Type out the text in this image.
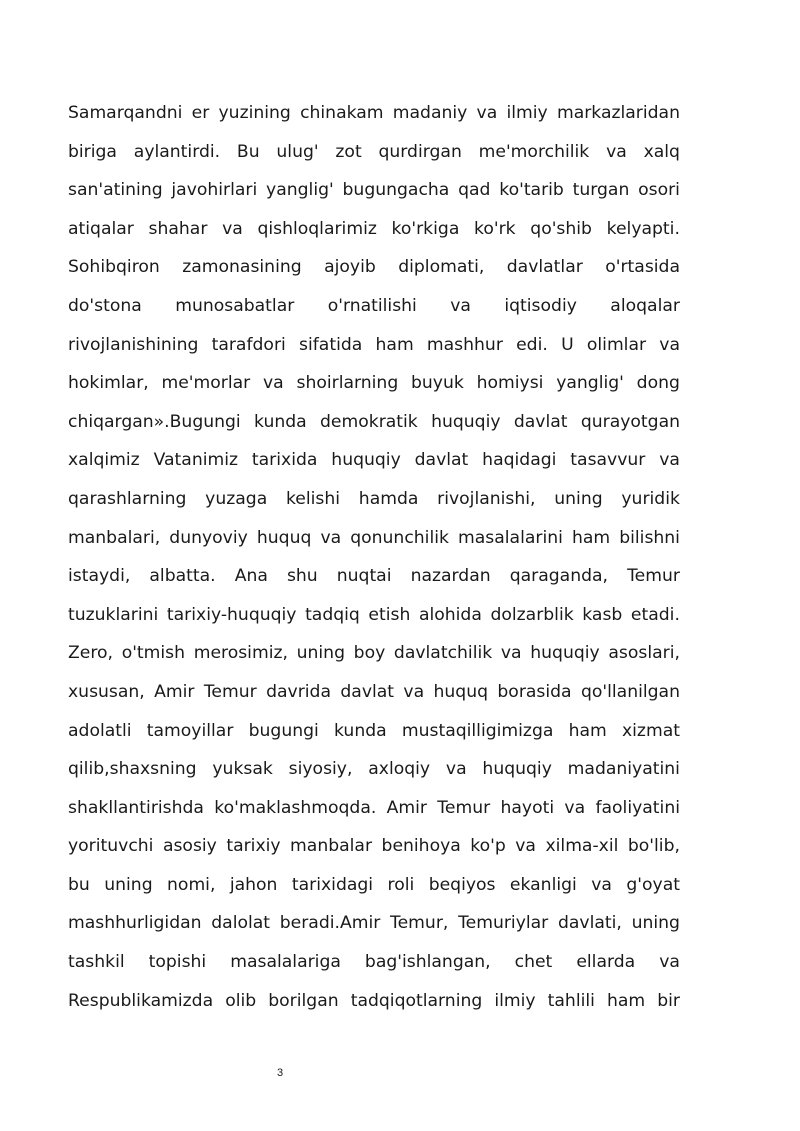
Samarqandni er yuzining chinakam madaniy va ilmiy markazlaridan
biriga aylantirdi. Bu ulug' zot qurdirgan me'morchilik va xalq
san'atining javohirlari yanglig' bugungacha qad ko'tarib turgan osori
atiqalar shahar va qishloqlarimiz ko'rkiga ko'rk qo'shib kelyapti.
Sohibqiron zamonasining ajoyib diplomati, davlatlar o'rtasida
do'stona munosabatlar o'rnatilishi va iqtisodiy aloqalar
rivojlanishining tarafdori sifatida ham mashhur edi. U olimlar va
hokimlar, me'morlar va shoirlarning buyuk homiysi yanglig' dong
chiqargan».Bugungi kunda demokratik huquqiy davlat qurayotgan
xalqimiz Vatanimiz tarixida huquqiy davlat haqidagi tasavvur va
qarashlarning yuzaga kelishi hamda rivojlanishi, uning yuridik
manbalari, dunyoviy huquq va qonunchilik masalalarini ham bilishni
istaydi, albatta. Ana shu nuqtai nazardan qaraganda, Temur
tuzuklarini tarixiy-huquqiy tadqiq etish alohida dolzarblik kasb etadi.
Zero, o'tmish merosimiz, uning boy davlatchilik va huquqiy asoslari,
xususan, Amir Temur davrida davlat va huquq borasida qo'llanilgan
adolatli tamoyillar bugungi kunda mustaqilligimizga ham xizmat
qilib,shaxsning yuksak siyosiy, axloqiy va huquqiy madaniyatini
shakllantirishda ko'maklashmoqda. Amir Temur hayoti va faoliyatini
yorituvchi asosiy tarixiy manbalar benihoya ko'p va xilma-xil bo'lib,
bu uning nomi, jahon tarixidagi roli beqiyos ekanligi va g'oyat
mashhurligidan dalolat beradi.Amir Temur, Temuriylar davlati, uning
tashkil topishi masalalariga bag'ishlangan, chet ellarda va
Respublikamizda olib borilgan tadqiqotlarning ilmiy tahlili ham bir
3
